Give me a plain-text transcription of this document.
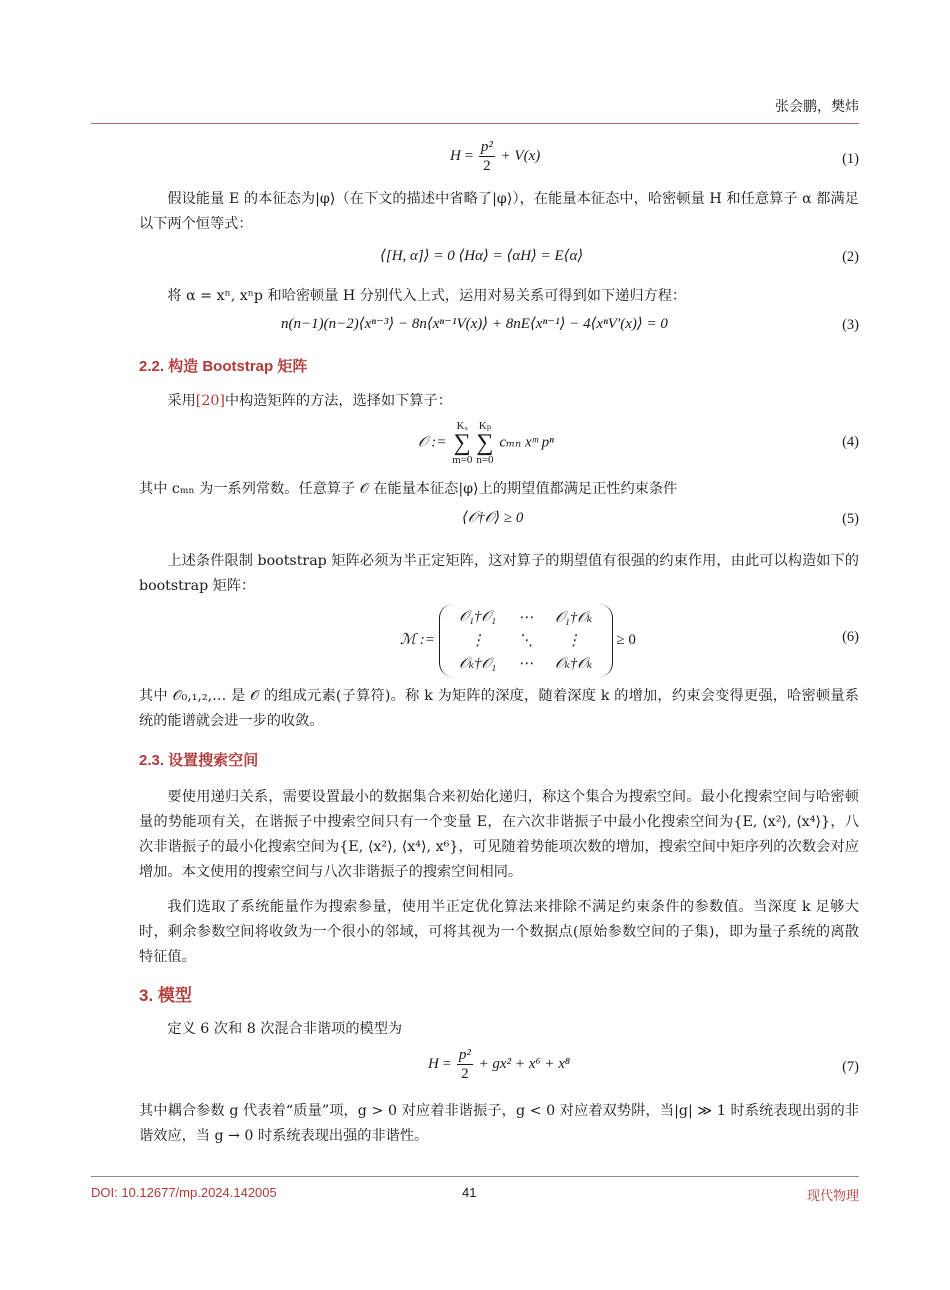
张会鹏，樊炜
$H = \frac{\text{p²}}{2} + V(x)$	(1)
假设能量 E 的本征态为|φ⟩（在下文的描述中省略了|φ⟩），在能量本征态中，哈密顿量 H 和任意算子 α 都满足以下两个恒等式：
⟨[H, α]⟩ = 0 ⟨Hα⟩ = ⟨αH⟩ = E⟨α⟩	(2)
将 α = xⁿ, xⁿp 和哈密顿量 H 分别代入上式，运用对易关系可得到如下递归方程：
n(n−1)(n−2)⟨xⁿ⁻³⟩ − 8n⟨xⁿ⁻¹V(x)⟩ + 8nE⟨xⁿ⁻¹⟩ − 4⟨xⁿV′(x)⟩ = 0	(3)
2.2. 构造 Bootstrap 矩阵
采用[20]中构造矩阵的方法，选择如下算子：
𝒪 := Kₓ
∑
m=0Kₚ
∑
n=0 cₘₙ xᵐ pⁿ	(4)
其中 cₘₙ 为一系列常数。任意算子 𝒪 在能量本征态|φ⟩上的期望值都满足正性约束条件
⟨𝒪†𝒪⟩ ≥ 0	(5)
上述条件限制 bootstrap 矩阵必须为半正定矩阵，这对算子的期望值有很强的约束作用，由此可以构造如下的 bootstrap 矩阵：
ℳ :=
𝒪₁†𝒪₁	⋯	𝒪₁†𝒪ₖ
⋮	⋱	⋮
𝒪ₖ†𝒪₁	⋯	𝒪ₖ†𝒪ₖ
≥ 0	(6)
其中 𝒪₀,₁,₂,… 是 𝒪 的组成元素(子算符)。称 k 为矩阵的深度，随着深度 k 的增加，约束会变得更强，哈密顿量系统的能谱就会进一步的收敛。
2.3. 设置搜索空间
要使用递归关系，需要设置最小的数据集合来初始化递归，称这个集合为搜索空间。最小化搜索空间与哈密顿量的势能项有关，在谐振子中搜索空间只有一个变量 E，在六次非谐振子中最小化搜索空间为{E, ⟨x²⟩, ⟨x⁴⟩}，八次非谐振子的最小化搜索空间为{E, ⟨x²⟩, ⟨x⁴⟩, x⁶}，可见随着势能项次数的增加，搜索空间中矩序列的次数会对应增加。本文使用的搜索空间与八次非谐振子的搜索空间相同。
我们选取了系统能量作为搜索参量，使用半正定优化算法来排除不满足约束条件的参数值。当深度 k 足够大时，剩余参数空间将收敛为一个很小的邻域，可将其视为一个数据点(原始参数空间的子集)，即为量子系统的离散特征值。
3. 模型
定义 6 次和 8 次混合非谐项的模型为
$H = \frac{\text{p²}}{2} + gx^2 + x^6 + x^8$	(7)
其中耦合参数 g 代表着“质量”项，g > 0 对应着非谐振子，g < 0 对应着双势阱，当|g| ≫ 1 时系统表现出弱的非谐效应，当 g → 0 时系统表现出强的非谐性。
DOI: 10.12677/mp.2024.142005	41	现代物理
